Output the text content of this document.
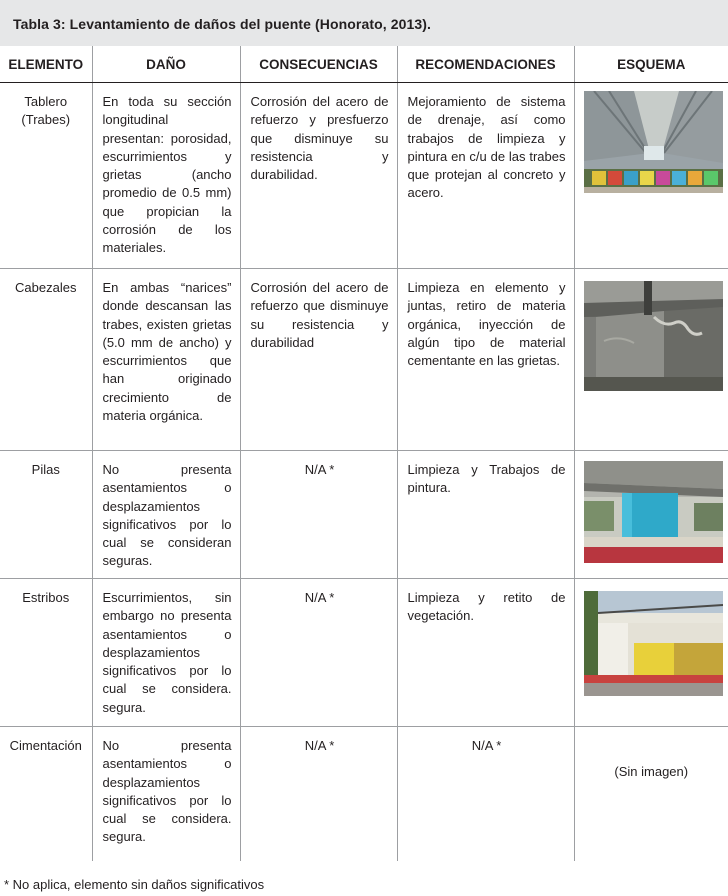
Tabla 3: Levantamiento de daños del puente (Honorato, 2013).
ELEMENTO	DAÑO	CONSECUENCIAS	RECOMENDACIONES	ESQUEMA
Tablero (Trabes)	En toda su sección longitudinal presentan: porosidad, escurrimientos y grietas (ancho promedio de 0.5 mm) que propician la corrosión de los materiales.	Corrosión del acero de refuerzo y presfuerzo que disminuye su resistencia y durabilidad.	Mejoramiento de sistema de drenaje, así como trabajos de limpieza y pintura en c/u de las trabes que protejan al concreto y acero.	

Cabezales	En ambas “narices” donde descansan las trabes, existen grietas (5.0 mm de ancho) y escurrimientos que han originado crecimiento de materia orgánica.	Corrosión del acero de refuerzo que disminuye su resistencia y durabilidad	Limpieza en elemento y juntas, retiro de materia orgánica, inyección de algún tipo de material cementante en las grietas.	

Pilas	No presenta asentamientos o desplazamientos significativos por lo cual se consideran seguras.	N/A *	Limpieza y Trabajos de pintura.	

Estribos	Escurrimientos, sin embargo no presenta asentamientos o desplazamientos significativos por lo cual se considera. segura.	N/A *	Limpieza y retito de vegetación.	

Cimentación	No presenta asentamientos o desplazamientos significativos por lo cual se considera. segura.	N/A *	N/A *	(Sin imagen)
* No aplica, elemento sin daños significativos
